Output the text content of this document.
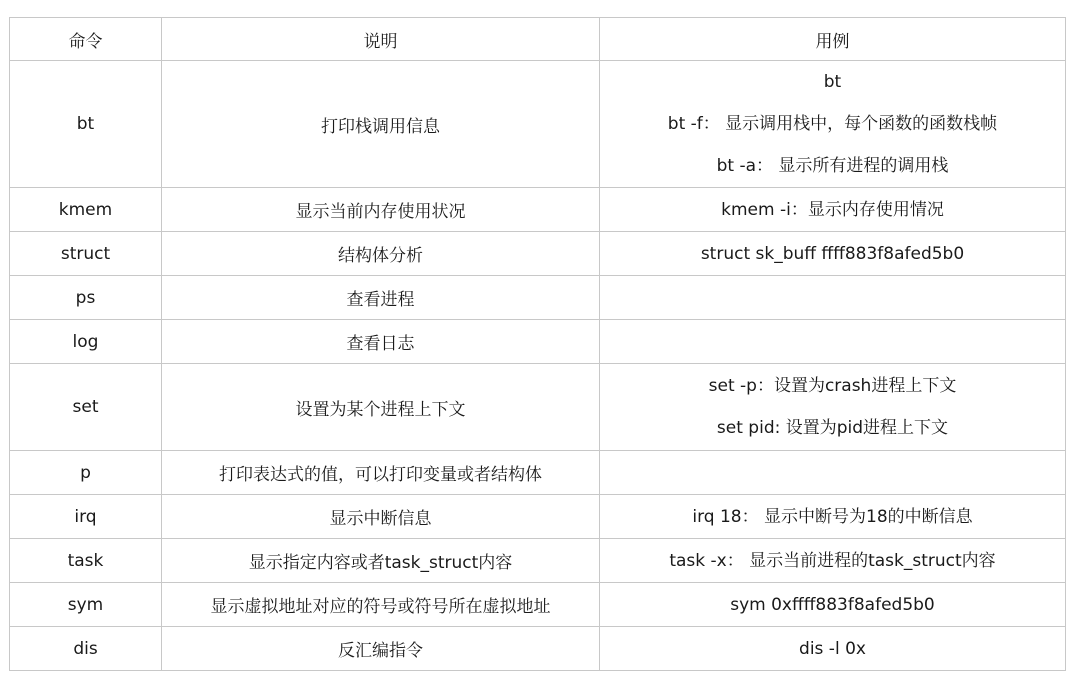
命令	说明	用例
bt	打印栈调用信息	bt
bt -f： 显示调用栈中，每个函数的函数栈帧
bt -a： 显示所有进程的调用栈

kmem	显示当前内存使用状况	kmem -i：显示内存使用情况

struct	结构体分析	struct sk_buff ffff883f8afed5b0

ps	查看进程	
log	查看日志	
set	设置为某个进程上下文	set -p：设置为crash进程上下文
set pid: 设置为pid进程上下文

p	打印表达式的值，可以打印变量或者结构体	
irq	显示中断信息	irq 18： 显示中断号为18的中断信息

task	显示指定内容或者task_struct内容	task -x： 显示当前进程的task_struct内容

sym	显示虚拟地址对应的符号或符号所在虚拟地址	sym 0xffff883f8afed5b0

dis	反汇编指令	dis -l 0x
